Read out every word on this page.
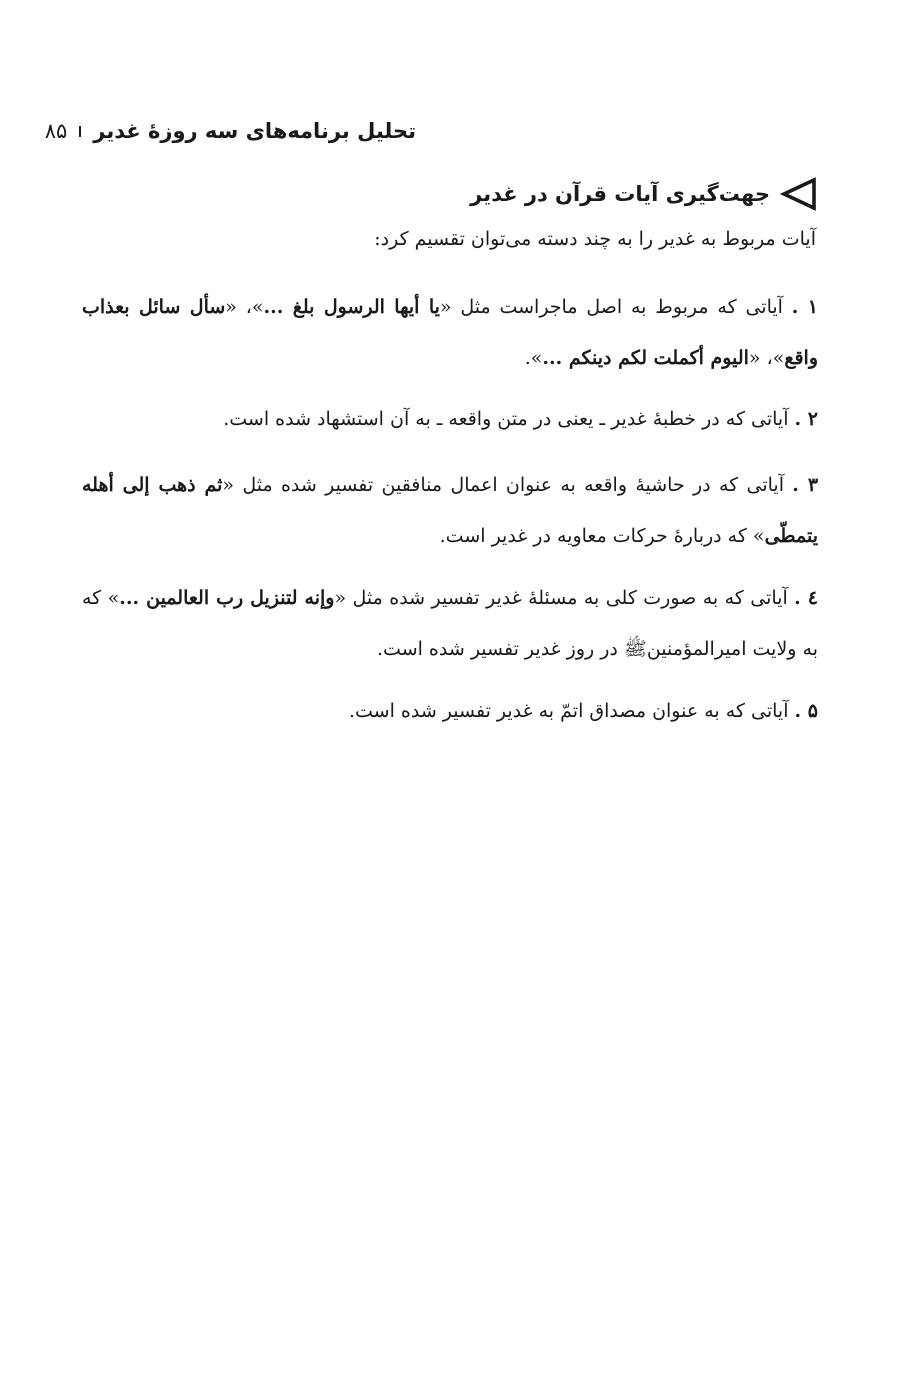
تحلیل برنامه‌های سه روزهٔ غدیر
۸۵
جهت‌گیری آیات قرآن در غدیر

آیات مربوط به غدیر را به چند دسته می‌توان تقسیم کرد:

۱ . آیاتی که مربوط به اصل ماجراست مثل «یا أیها الرسول بلغ ...»، «سأل سائل بعذاب واقع»، «الیوم أكملت لكم دینكم ...».

۲ . آیاتی که در خطبهٔ غدیر ـ یعنی در متن واقعه ـ به آن استشهاد شده است.

۳ . آیاتی که در حاشیهٔ واقعه به عنوان اعمال منافقین تفسیر شده مثل «ثم ذهب إلى أهله یتمطّى» که دربارهٔ حرکات معاویه در غدیر است.

٤ . آیاتی که به صورت کلی به مسئلهٔ غدیر تفسیر شده مثل «وإنه لتنزیل رب العالمین ...» که به ولایت امیرالمؤمنینﷺ در روز غدیر تفسیر شده است.

۵ . آیاتی که به عنوان مصداق اتمّ به غدیر تفسیر شده است.
